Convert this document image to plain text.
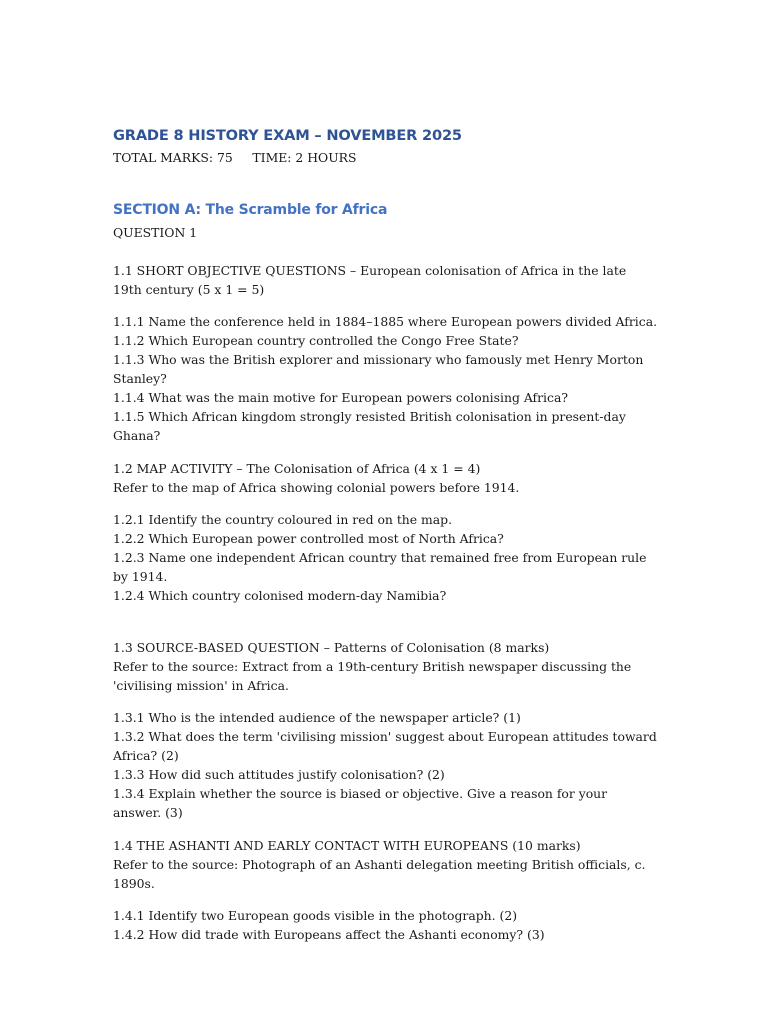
GRADE 8 HISTORY EXAM – NOVEMBER 2025
TOTAL MARKS: 75     TIME: 2 HOURS
SECTION A: The Scramble for Africa
QUESTION 1

1.1 SHORT OBJECTIVE QUESTIONS – European colonisation of Africa in the late 19th century (5 x 1 = 5)

1.1.1 Name the conference held in 1884–1885 where European powers divided Africa.

1.1.2 Which European country controlled the Congo Free State?

1.1.3 Who was the British explorer and missionary who famously met Henry Morton Stanley?

1.1.4 What was the main motive for European powers colonising Africa?

1.1.5 Which African kingdom strongly resisted British colonisation in present-day Ghana?

1.2 MAP ACTIVITY – The Colonisation of Africa (4 x 1 = 4)

Refer to the map of Africa showing colonial powers before 1914.

1.2.1 Identify the country coloured in red on the map.

1.2.2 Which European power controlled most of North Africa?

1.2.3 Name one independent African country that remained free from European rule by 1914.

1.2.4 Which country colonised modern-day Namibia?

1.3 SOURCE-BASED QUESTION – Patterns of Colonisation (8 marks)

Refer to the source: Extract from a 19th-century British newspaper discussing the 'civilising mission' in Africa.

1.3.1 Who is the intended audience of the newspaper article? (1)

1.3.2 What does the term 'civilising mission' suggest about European attitudes toward Africa? (2)

1.3.3 How did such attitudes justify colonisation? (2)

1.3.4 Explain whether the source is biased or objective. Give a reason for your answer. (3)

1.4 THE ASHANTI AND EARLY CONTACT WITH EUROPEANS (10 marks)

Refer to the source: Photograph of an Ashanti delegation meeting British officials, c. 1890s.

1.4.1 Identify two European goods visible in the photograph. (2)

1.4.2 How did trade with Europeans affect the Ashanti economy? (3)
